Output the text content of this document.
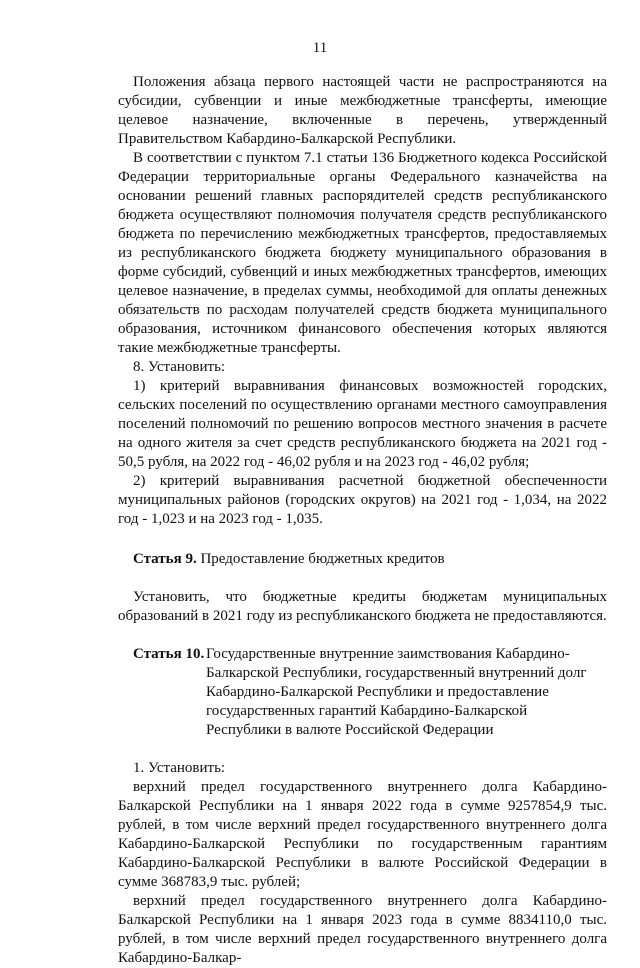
11

Положения абзаца первого настоящей части не распространяются на субсидии, субвенции и иные межбюджетные трансферты, имеющие целевое назначение, включенные в перечень, утвержденный Правительством Кабардино-Балкарской Республики.

В соответствии с пунктом 7.1 статьи 136 Бюджетного кодекса Российской Федерации территориальные органы Федерального казначейства на основании решений главных распорядителей средств республиканского бюджета осуществляют полномочия получателя средств республиканского бюджета по перечислению межбюджетных трансфертов, предоставляемых из республиканского бюджета бюджету муниципального образования в форме субсидий, субвенций и иных межбюджетных трансфертов, имеющих целевое назначение, в пределах суммы, необходимой для оплаты денежных обязательств по расходам получателей средств бюджета муниципального образования, источником финансового обеспечения которых являются такие межбюджетные трансферты.

8. Установить:

1) критерий выравнивания финансовых возможностей городских, сельских поселений по осуществлению органами местного самоуправления поселений полномочий по решению вопросов местного значения в расчете на одного жителя за счет средств республиканского бюджета на 2021 год - 50,5 рубля, на 2022 год - 46,02 рубля и на 2023 год - 46,02 рубля;

2) критерий выравнивания расчетной бюджетной обеспеченности муниципальных районов (городских округов) на 2021 год - 1,034, на 2022 год - 1,023 и на 2023 год - 1,035.

Статья 9. Предоставление бюджетных кредитов

Установить, что бюджетные кредиты бюджетам муниципальных образований в 2021 году из республиканского бюджета не предоставляются.

Статья 10. Государственные внутренние заимствования Кабардино-
Балкарской Республики, государственный внутренний долг
Кабардино-Балкарской Республики и предоставление
государственных гарантий Кабардино-Балкарской
Республики в валюте Российской Федерации

1. Установить:

верхний предел государственного внутреннего долга Кабардино-Балкарской Республики на 1 января 2022 года в сумме 9257854,9 тыс. рублей, в том числе верхний предел государственного внутреннего долга Кабардино-Балкарской Республики по государственным гарантиям Кабардино-Балкарской Республики в валюте Российской Федерации в сумме 368783,9 тыс. рублей;

верхний предел государственного внутреннего долга Кабардино-Балкарской Республики на 1 января 2023 года в сумме 8834110,0 тыс. рублей, в том числе верхний предел государственного внутреннего долга Кабардино-Балкар-
